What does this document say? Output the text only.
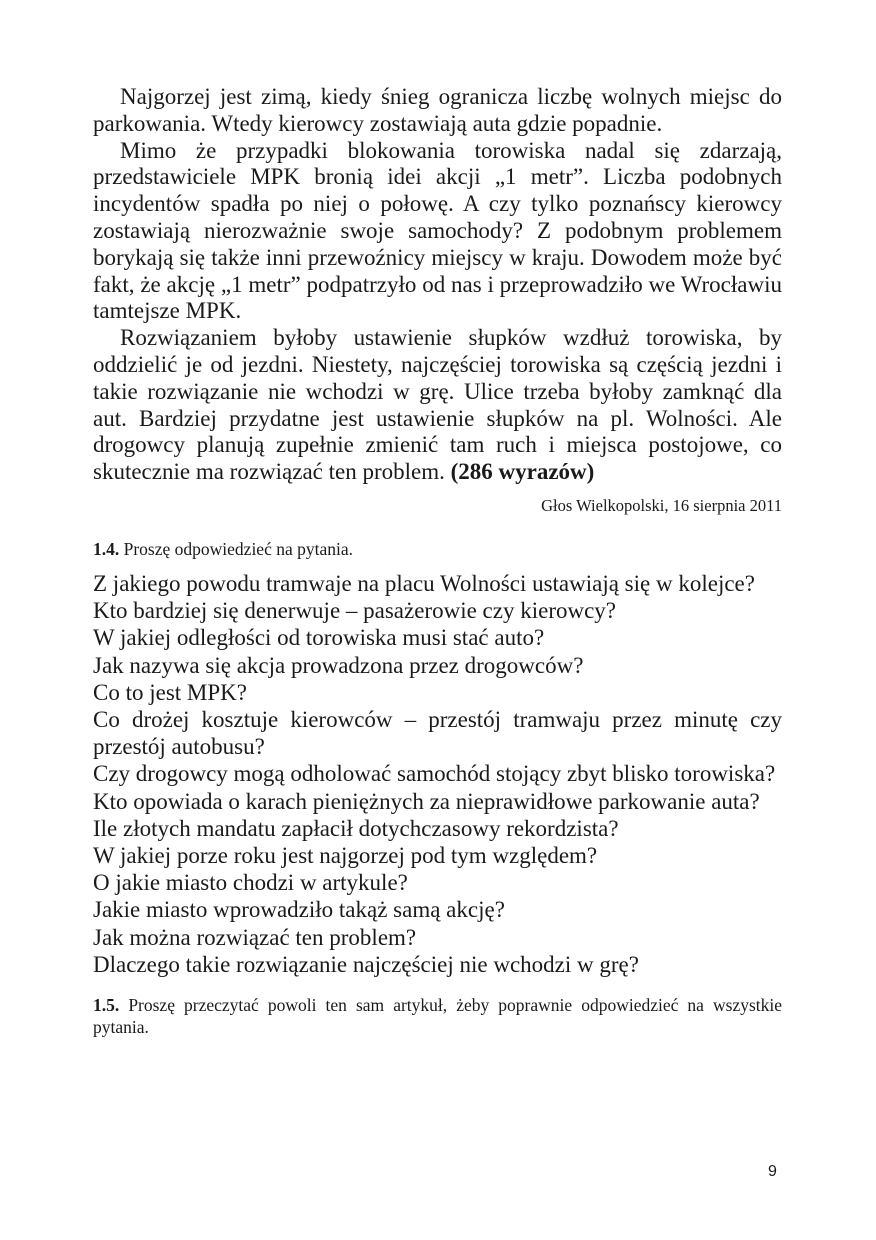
Najgorzej jest zimą, kiedy śnieg ogranicza liczbę wolnych miejsc do parkowania. Wtedy kierowcy zostawiają auta gdzie popadnie.

Mimo że przypadki blokowania torowiska nadal się zdarzają, przedstawiciele MPK bronią idei akcji „1 metr”. Liczba podobnych incydentów spadła po niej o połowę. A czy tylko poznańscy kierowcy zostawiają nierozważnie swoje samochody? Z podobnym problemem borykają się także inni przewoźnicy miejscy w kraju. Dowodem może być fakt, że akcję „1 metr” podpatrzyło od nas i przeprowadziło we Wrocławiu tamtejsze MPK.

Rozwiązaniem byłoby ustawienie słupków wzdłuż torowiska, by oddzielić je od jezdni. Niestety, najczęściej torowiska są częścią jezdni i takie rozwiązanie nie wchodzi w grę. Ulice trzeba byłoby zamknąć dla aut. Bardziej przydatne jest ustawienie słupków na pl. Wolności. Ale drogowcy planują zupełnie zmienić tam ruch i miejsca postojowe, co skutecznie ma rozwiązać ten problem. (286 wyrazów)

Głos Wielkopolski, 16 sierpnia 2011

1.4. Proszę odpowiedzieć na pytania.

Z jakiego powodu tramwaje na placu Wolności ustawiają się w kolejce?
Kto bardziej się denerwuje – pasażerowie czy kierowcy?
W jakiej odległości od torowiska musi stać auto?
Jak nazywa się akcja prowadzona przez drogowców?
Co to jest MPK?
Co drożej kosztuje kierowców – przestój tramwaju przez minutę czy przestój autobusu?
Czy drogowcy mogą odholować samochód stojący zbyt blisko torowiska?
Kto opowiada o karach pieniężnych za nieprawidłowe parkowanie auta?
Ile złotych mandatu zapłacił dotychczasowy rekordzista?
W jakiej porze roku jest najgorzej pod tym względem?
O jakie miasto chodzi w artykule?
Jakie miasto wprowadziło takąż samą akcję?
Jak można rozwiązać ten problem?
Dlaczego takie rozwiązanie najczęściej nie wchodzi w grę?

1.5. Proszę przeczytać powoli ten sam artykuł, żeby poprawnie odpowiedzieć na wszystkie pytania.

9
